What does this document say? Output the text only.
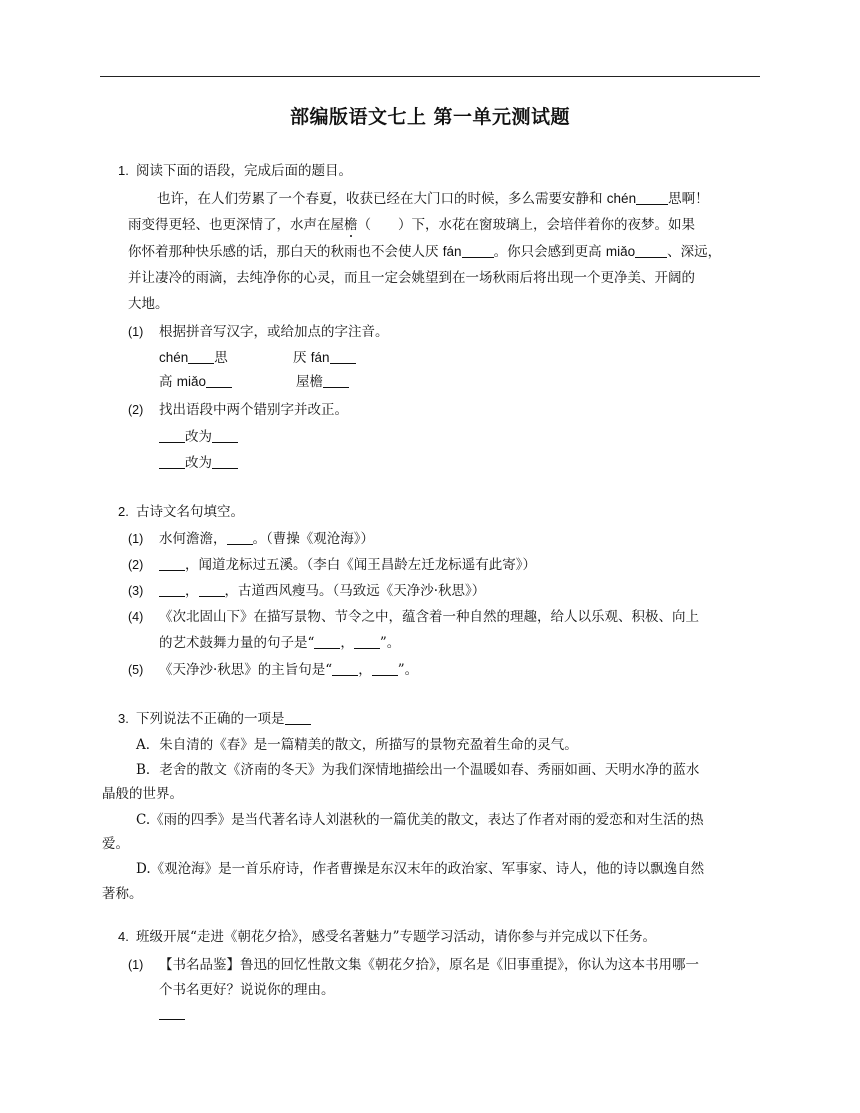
部编版语文七上 第一单元测试题
1. 阅读下面的语段，完成后面的题目。
也许，在人们劳累了一个春夏，收获已经在大门口的时候，多么需要安静和 chén 思啊！
雨变得更轻、也更深情了，水声在屋檐（　　）下，水花在窗玻璃上，会培伴着你的夜梦。如果
你怀着那种快乐感的话，那白天的秋雨也不会使人厌 fán 。你只会感到更高 miǎo 、深远，
并让凄冷的雨滴，去纯净你的心灵，而且一定会姚望到在一场秋雨后将出现一个更净美、开阔的
大地。
(1) 根据拼音写汉字，或给加点的字注音。
chén 思	厌 fán
高 miǎo	屋檐
(2) 找出语段中两个错别字并改正。
改为
改为
2. 古诗文名句填空。
(1) 水何澹澹， 。（曹操《观沧海》）
(2)	，闻道龙标过五溪。（李白《闻王昌龄左迁龙标遥有此寄》）
(3)	， ，古道西风瘦马。（马致远《天净沙·秋思》）
(4) 《次北固山下》在描写景物、节令之中，蕴含着一种自然的理趣，给人以乐观、积极、向上
的艺术鼓舞力量的句子是“ ， ”。
(5) 《天净沙·秋思》的主旨句是“ ， ”。
3. 下列说法不正确的一项是
A．朱自清的《春》是一篇精美的散文，所描写的景物充盈着生命的灵气。
B．老舍的散文《济南的冬天》为我们深情地描绘出一个温暖如春、秀丽如画、天明水净的蓝水
晶般的世界。
C.《雨的四季》是当代著名诗人刘湛秋的一篇优美的散文，表达了作者对雨的爱恋和对生活的热
爱。
D.《观沧海》是一首乐府诗，作者曹操是东汉末年的政治家、军事家、诗人，他的诗以飘逸自然
著称。
4. 班级开展“走进《朝花夕拾》，感受名著魅力”专题学习活动，请你参与并完成以下任务。
(1) 【书名品鉴】鲁迅的回忆性散文集《朝花夕拾》，原名是《旧事重提》，你认为这本书用哪一
个书名更好？说说你的理由。
